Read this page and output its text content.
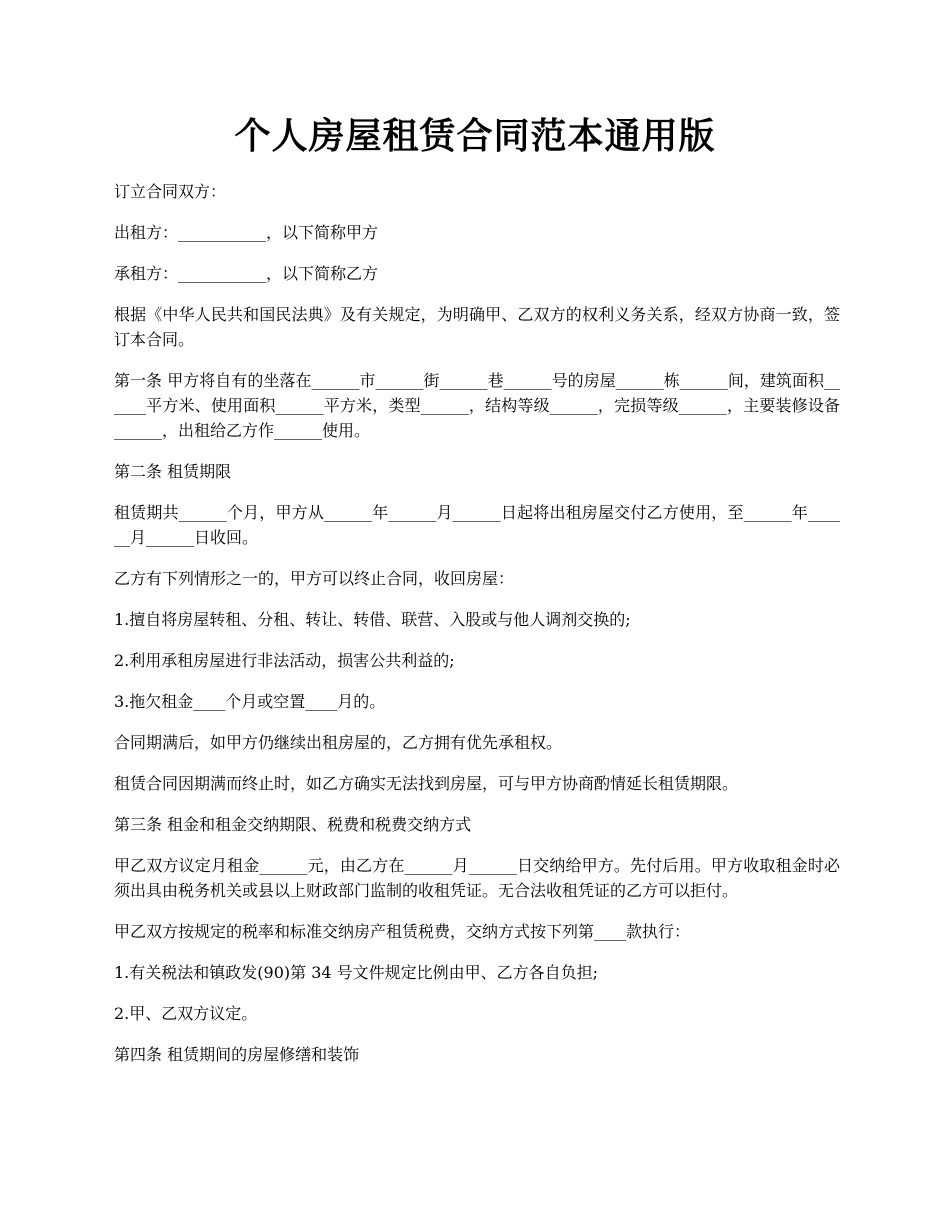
个人房屋租赁合同范本通用版

订立合同双方：

出租方：___________，以下简称甲方

承租方：___________，以下简称乙方

根据《中华人民共和国民法典》及有关规定，为明确甲、乙双方的权利义务关系，经双方协商一致，签订本合同。

第一条 甲方将自有的坐落在______市______街______巷______号的房屋______栋______间，建筑面积______平方米、使用面积______平方米，类型______，结构等级______，完损等级______，主要装修设备______，出租给乙方作______使用。

第二条 租赁期限

租赁期共______个月，甲方从______年______月______日起将出租房屋交付乙方使用，至______年______月______日收回。

乙方有下列情形之一的，甲方可以终止合同，收回房屋：

1.擅自将房屋转租、分租、转让、转借、联营、入股或与他人调剂交换的;

2.利用承租房屋进行非法活动，损害公共利益的;

3.拖欠租金____个月或空置____月的。

合同期满后，如甲方仍继续出租房屋的，乙方拥有优先承租权。

租赁合同因期满而终止时，如乙方确实无法找到房屋，可与甲方协商酌情延长租赁期限。

第三条 租金和租金交纳期限、税费和税费交纳方式

甲乙双方议定月租金______元，由乙方在______月______日交纳给甲方。先付后用。甲方收取租金时必须出具由税务机关或县以上财政部门监制的收租凭证。无合法收租凭证的乙方可以拒付。

甲乙双方按规定的税率和标准交纳房产租赁税费，交纳方式按下列第____款执行：

1.有关税法和镇政发(90)第 34 号文件规定比例由甲、乙方各自负担;

2.甲、乙双方议定。

第四条 租赁期间的房屋修缮和装饰
